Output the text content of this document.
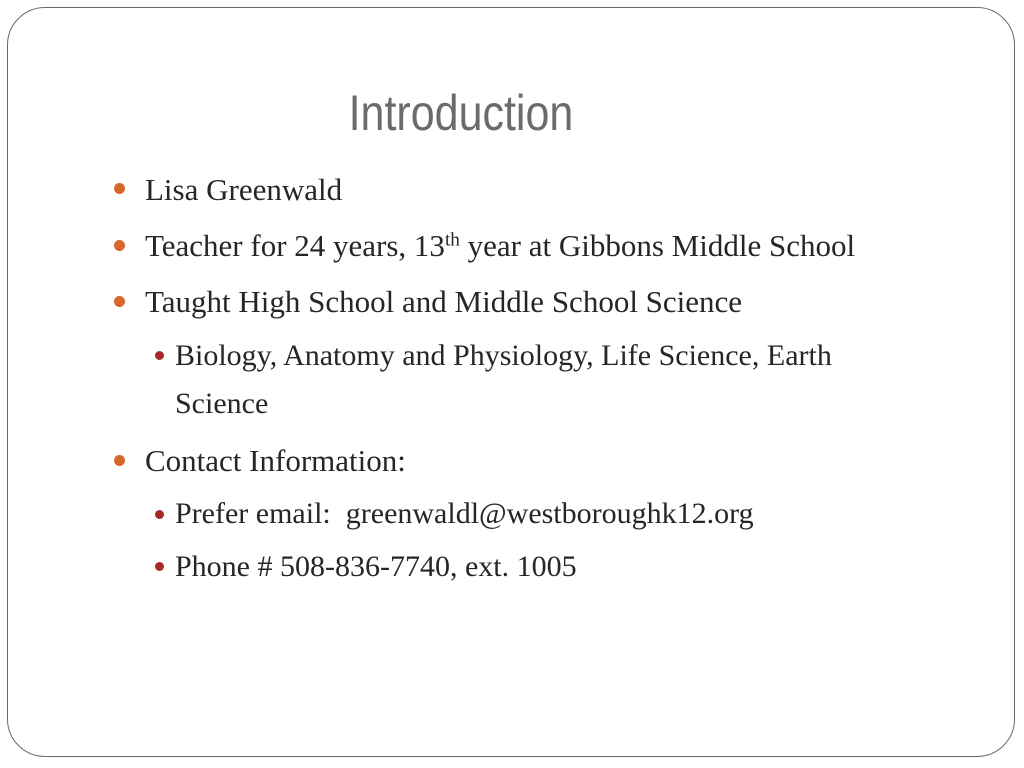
Introduction
Lisa Greenwald
Teacher for 24 years, 13th year at Gibbons Middle School
Taught High School and Middle School Science
Biology, Anatomy and Physiology, Life Science, Earth
Science
Contact Information:
Prefer email:  greenwaldl@westboroughk12.org
Phone # 508-836-7740, ext. 1005
